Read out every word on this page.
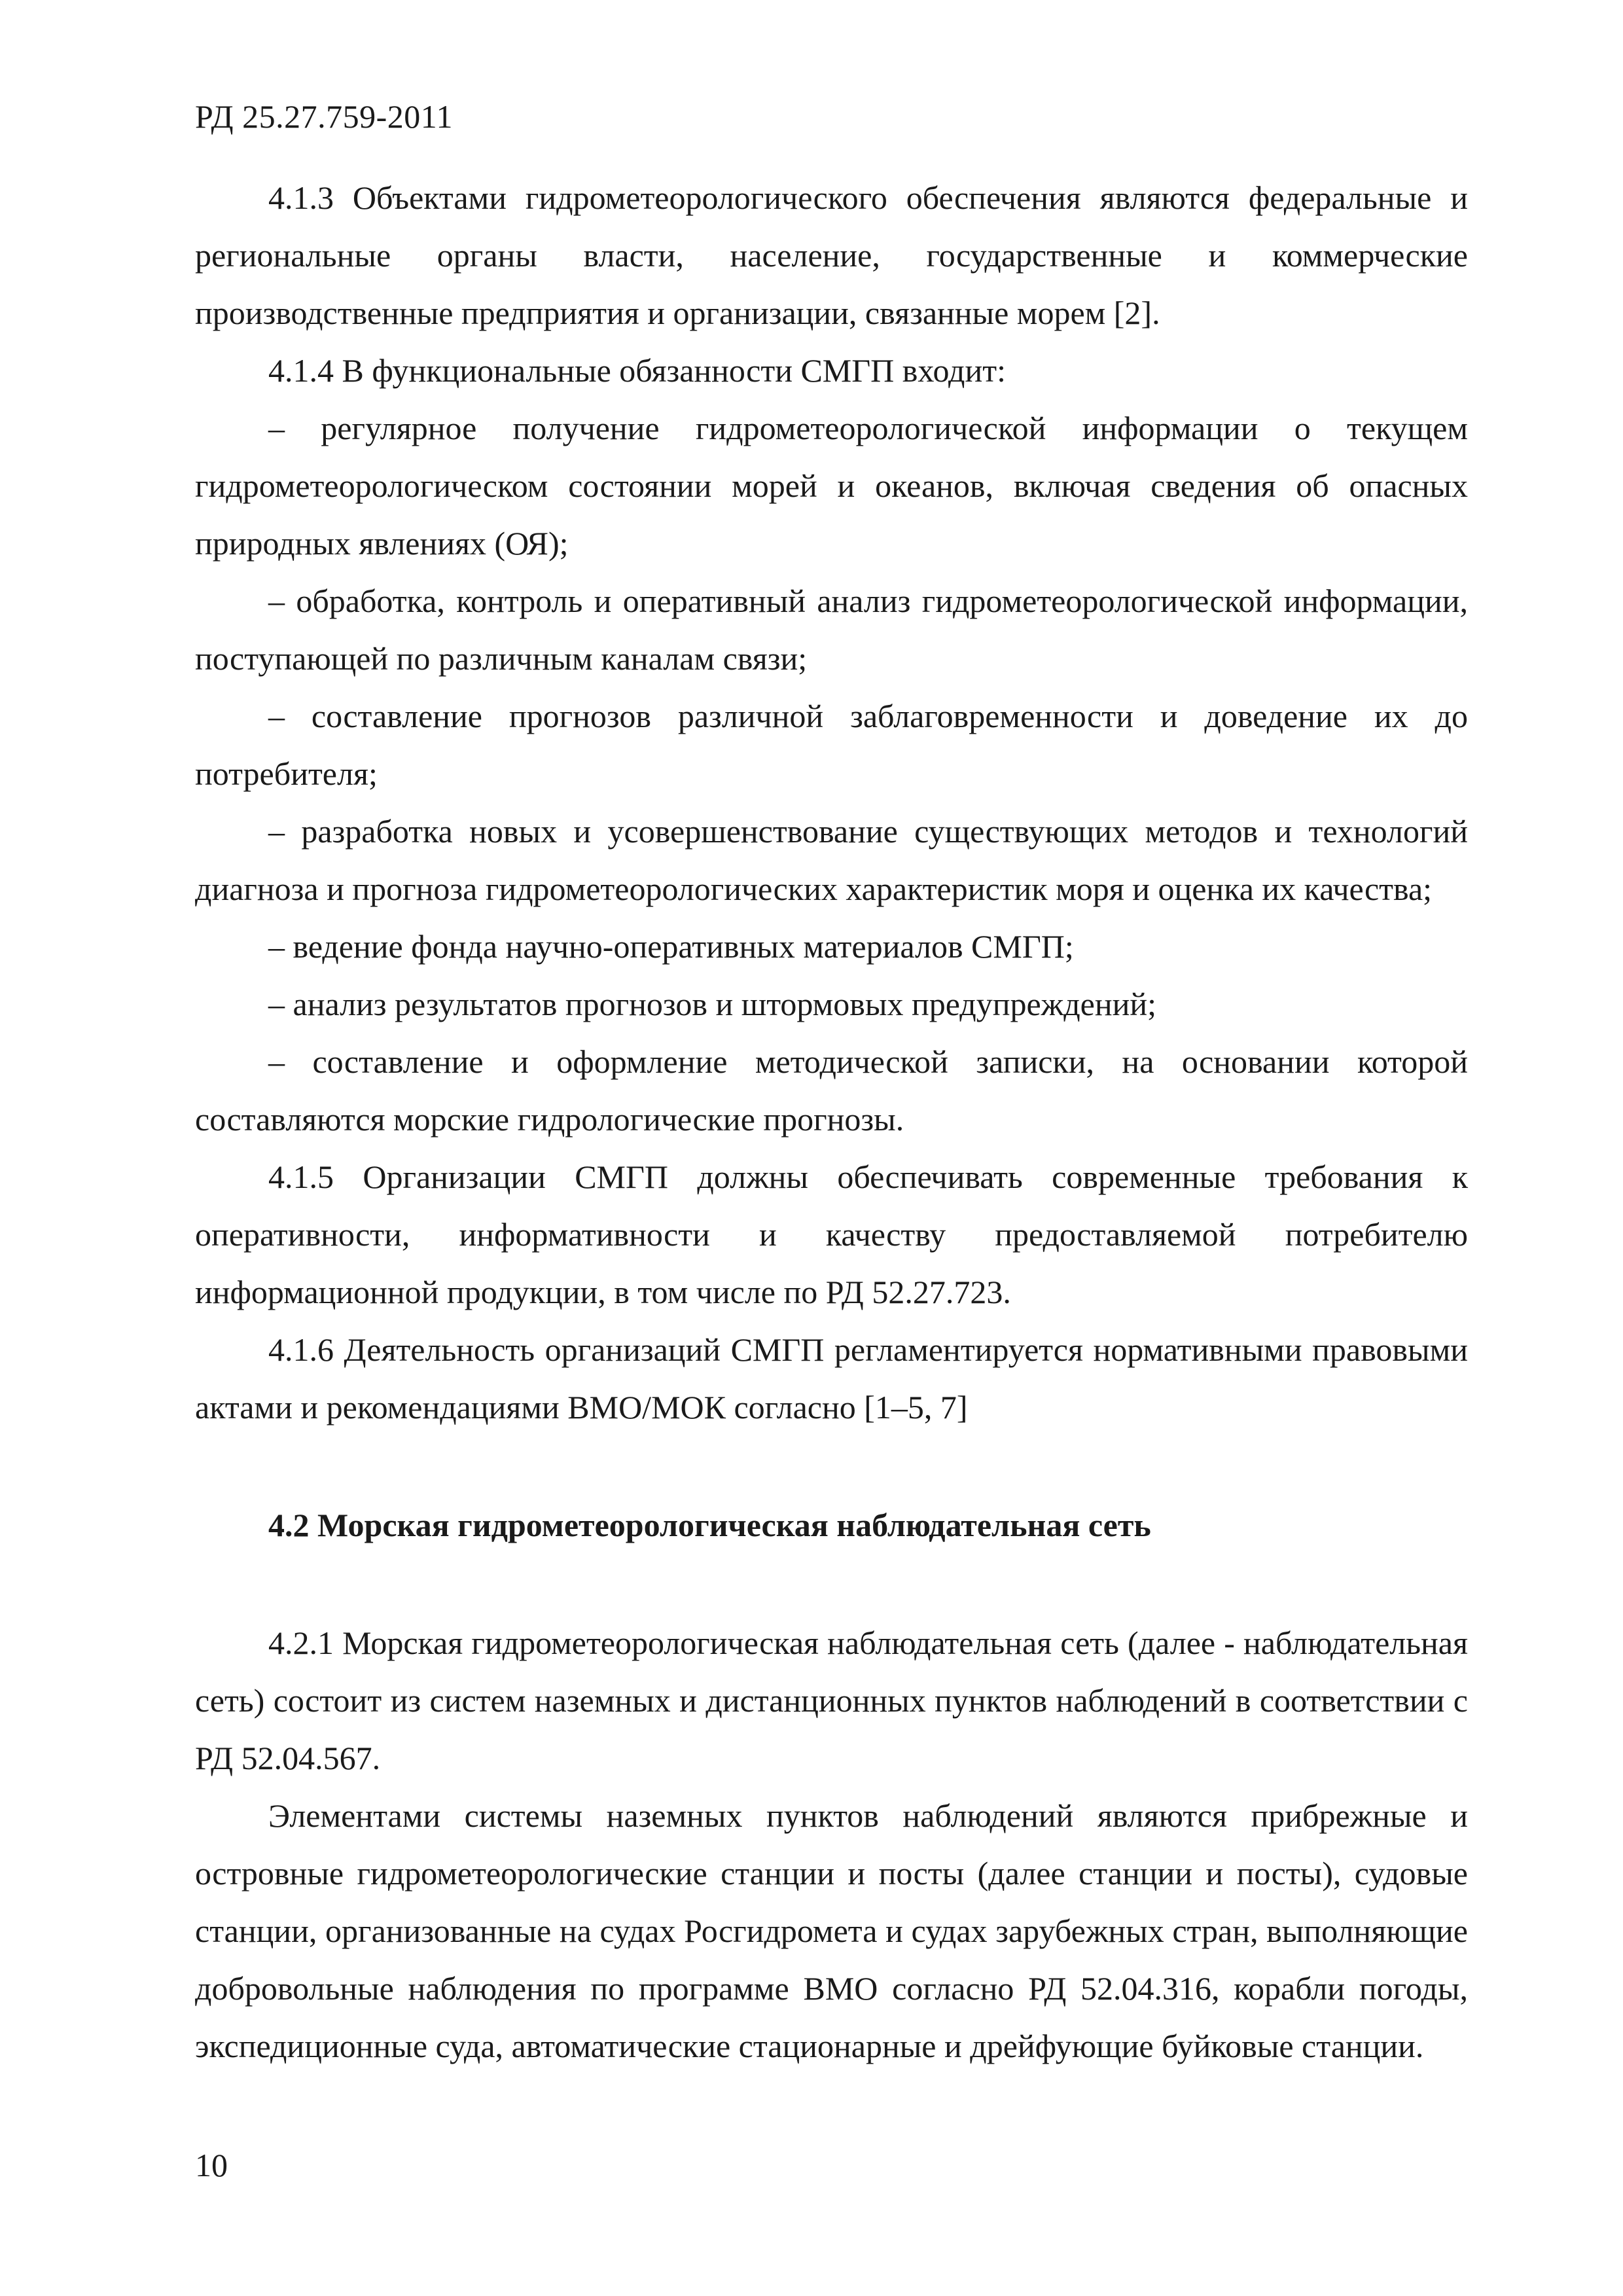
РД 25.27.759-2011

4.1.3 Объектами гидрометеорологического обеспечения являются федеральные и региональные органы власти, население, государственные и коммерческие производственные предприятия и организации, связанные морем [2].

4.1.4 В функциональные обязанности СМГП входит:

– регулярное получение гидрометеорологической информации о текущем гидрометеорологическом состоянии морей и океанов, включая сведения об опасных природных явлениях (ОЯ);

– обработка, контроль и оперативный анализ гидрометеорологической информации, поступающей по различным каналам связи;

– составление прогнозов различной заблаговременности и доведение их до потребителя;

– разработка новых и усовершенствование существующих методов и технологий диагноза и прогноза гидрометеорологических характеристик моря и оценка их качества;

– ведение фонда научно-оперативных материалов СМГП;

– анализ результатов прогнозов и штормовых предупреждений;

– составление и оформление методической записки, на основании которой составляются морские гидрологические прогнозы.

4.1.5 Организации СМГП должны обеспечивать современные требования к оперативности, информативности и качеству предоставляемой потребителю информационной продукции, в том числе по РД 52.27.723.

4.1.6 Деятельность организаций СМГП регламентируется нормативными правовыми актами и рекомендациями ВМО/МОК согласно [1–5, 7]

4.2 Морская гидрометеорологическая наблюдательная сеть

4.2.1 Морская гидрометеорологическая наблюдательная сеть (далее - наблюдательная сеть) состоит из систем наземных и дистанционных пунктов наблюдений в соответствии с РД 52.04.567.

Элементами системы наземных пунктов наблюдений являются прибрежные и островные гидрометеорологические станции и посты (далее станции и посты), судовые станции, организованные на судах Росгидромета и судах зарубежных стран, выполняющие добровольные наблюдения по программе ВМО согласно РД 52.04.316, корабли погоды, экспедиционные суда, автоматические стационарные и дрейфующие буйковые станции.

10
